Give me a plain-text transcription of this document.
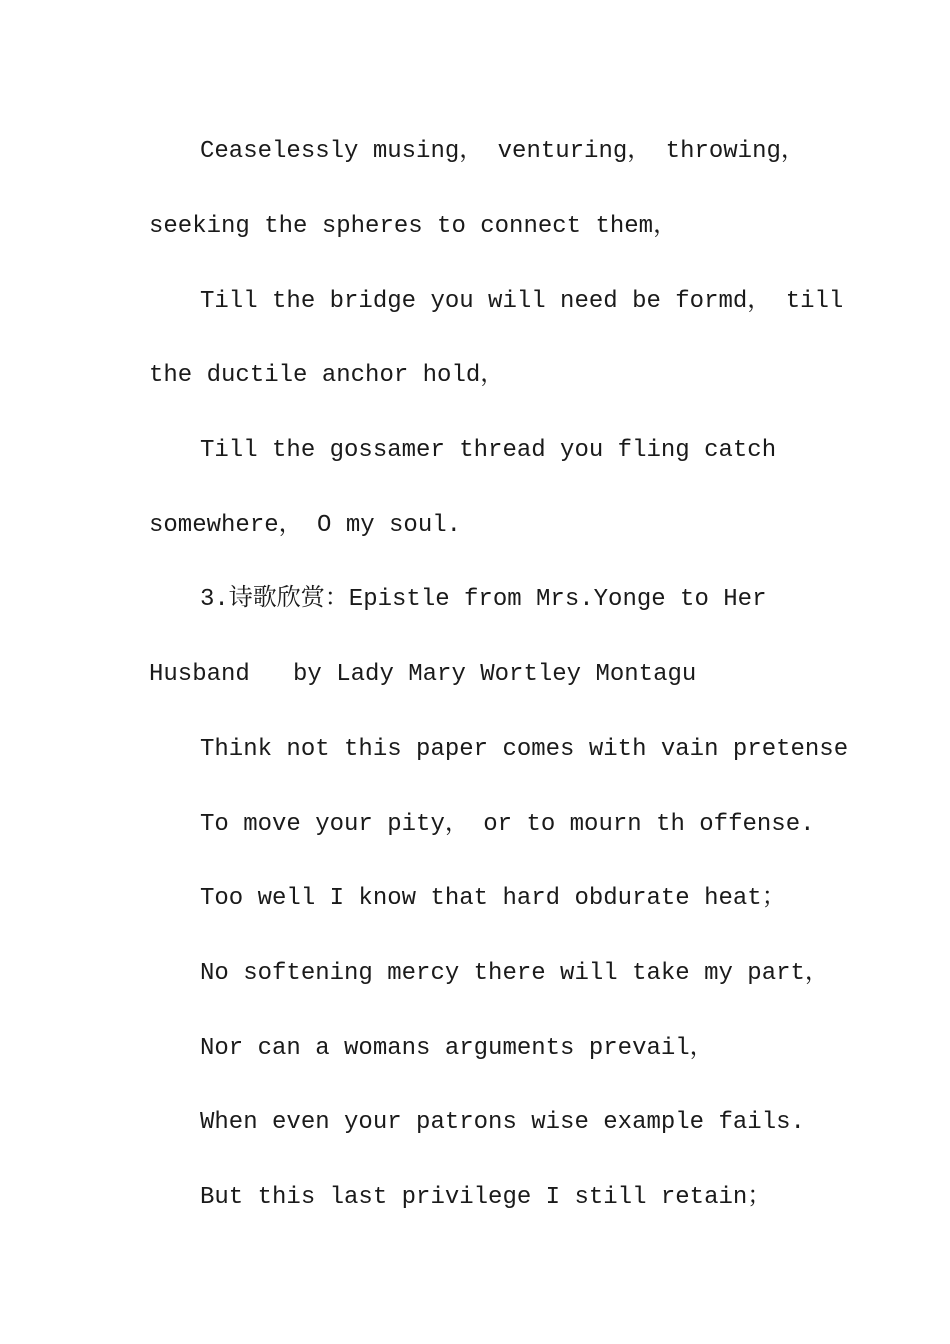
Ceaselessly musing， venturing， throwing，
seeking the spheres to connect them，
Till the bridge you will need be formd， till
the ductile anchor hold，
Till the gossamer thread you fling catch
somewhere， O my soul.
3.诗歌欣赏：Epistle from Mrs.Yonge to Her
Husband   by Lady Mary Wortley Montagu
Think not this paper comes with vain pretense
To move your pity， or to mourn th offense.
Too well I know that hard obdurate heat；
No softening mercy there will take my part，
Nor can a womans arguments prevail，
When even your patrons wise example fails.
But this last privilege I still retain；
